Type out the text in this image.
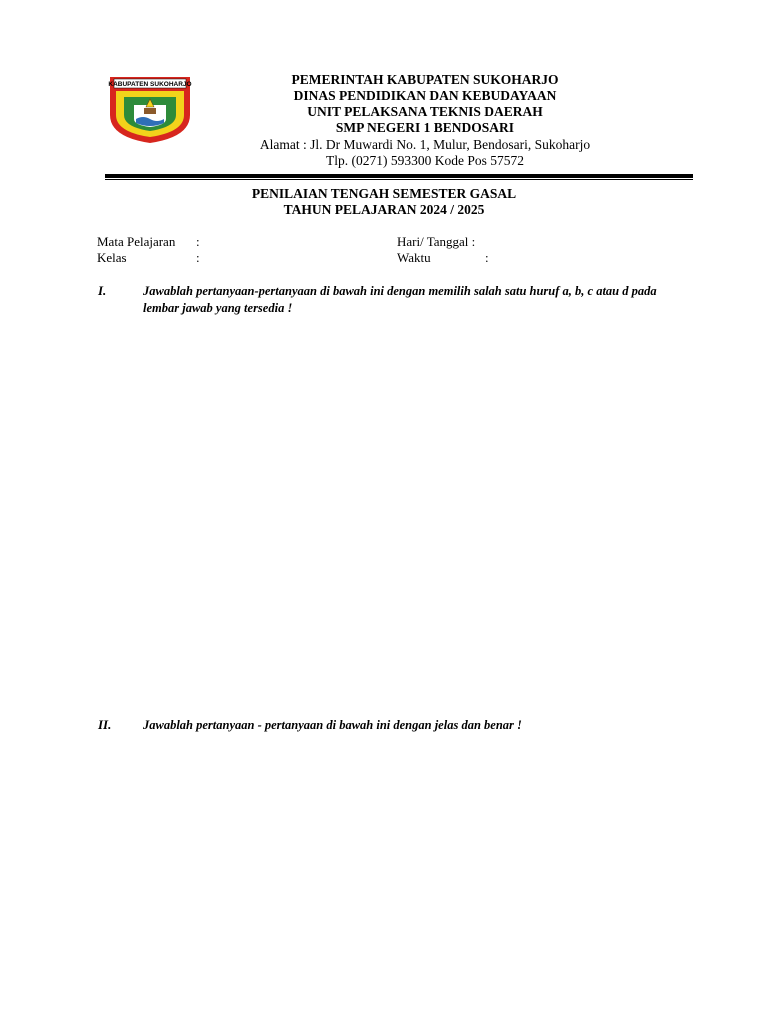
KABUPATEN SUKOHARJO	PEMERINTAH KABUPATEN SUKOHARJO
DINAS PENDIDIKAN DAN KEBUDAYAAN
UNIT PELAKSANA TEKNIS DAERAH
SMP NEGERI 1 BENDOSARI
Alamat : Jl. Dr Muwardi No. 1, Mulur, Bendosari, Sukoharjo
Tlp. (0271) 593300 Kode Pos 57572
PENILAIAN TENGAH SEMESTER GASAL
TAHUN PELAJARAN 2024 / 2025
Mata Pelajaran :
Kelas	:
Hari/ Tanggal :
Waktu	:
I.	Jawablah pertanyaan-pertanyaan di bawah ini dengan memilih salah satu huruf a, b, c atau d pada lembar jawab yang tersedia !
II.	Jawablah pertanyaan - pertanyaan di bawah ini dengan jelas dan benar !
